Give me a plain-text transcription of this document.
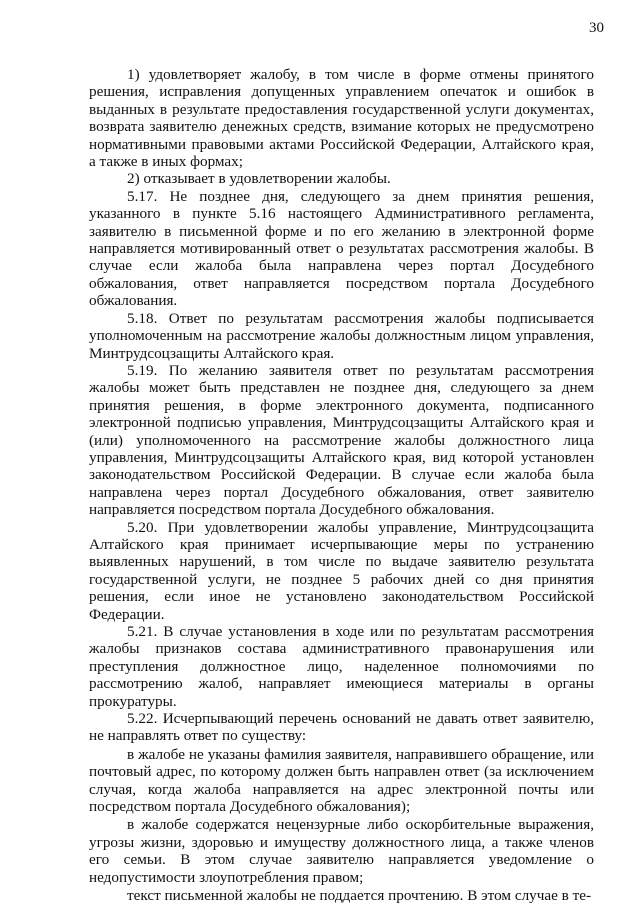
30

1) удовлетворяет жалобу, в том числе в форме отмены принятого решения, исправления допущенных управлением опечаток и ошибок в выданных в результате предоставления государственной услуги документах, возврата заявителю денежных средств, взимание которых не предусмотрено нормативными правовыми актами Российской Федерации, Алтайского края, а также в иных формах;

2) отказывает в удовлетворении жалобы.

5.17. Не позднее дня, следующего за днем принятия решения, указанного в пункте 5.16 настоящего Административного регламента, заявителю в письменной форме и по его желанию в электронной форме направляется мотивированный ответ о результатах рассмотрения жалобы. В случае если жалоба была направлена через портал Досудебного обжалования, ответ направляется посредством портала Досудебного обжалования.

5.18. Ответ по результатам рассмотрения жалобы подписывается уполномоченным на рассмотрение жалобы должностным лицом управления, Минтрудсоцзащиты Алтайского края.

5.19. По желанию заявителя ответ по результатам рассмотрения жалобы может быть представлен не позднее дня, следующего за днем принятия решения, в форме электронного документа, подписанного электронной подписью управления, Минтрудсоцзащиты Алтайского края и (или) уполномоченного на рассмотрение жалобы должностного лица управления, Минтрудсоцзащиты Алтайского края, вид которой установлен законодательством Российской Федерации. В случае если жалоба была направлена через портал Досудебного обжалования, ответ заявителю направляется посредством портала Досудебного обжалования.

5.20. При удовлетворении жалобы управление, Минтрудсоцзащита Алтайского края принимает исчерпывающие меры по устранению выявленных нарушений, в том числе по выдаче заявителю результата государственной услуги, не позднее 5 рабочих дней со дня принятия решения, если иное не установлено законодательством Российской Федерации.

5.21. В случае установления в ходе или по результатам рассмотрения жалобы признаков состава административного правонарушения или преступления должностное лицо, наделенное полномочиями по рассмотрению жалоб, направляет имеющиеся материалы в органы прокуратуры.

5.22. Исчерпывающий перечень оснований не давать ответ заявителю, не направлять ответ по существу:

в жалобе не указаны фамилия заявителя, направившего обращение, или почтовый адрес, по которому должен быть направлен ответ (за исключением случая, когда жалоба направляется на адрес электронной почты или посредством портала Досудебного обжалования);

в жалобе содержатся нецензурные либо оскорбительные выражения, угрозы жизни, здоровью и имуществу должностного лица, а также членов его семьи. В этом случае заявителю направляется уведомление о недопустимости злоупотребления правом;

текст письменной жалобы не поддается прочтению. В этом случае в те-
